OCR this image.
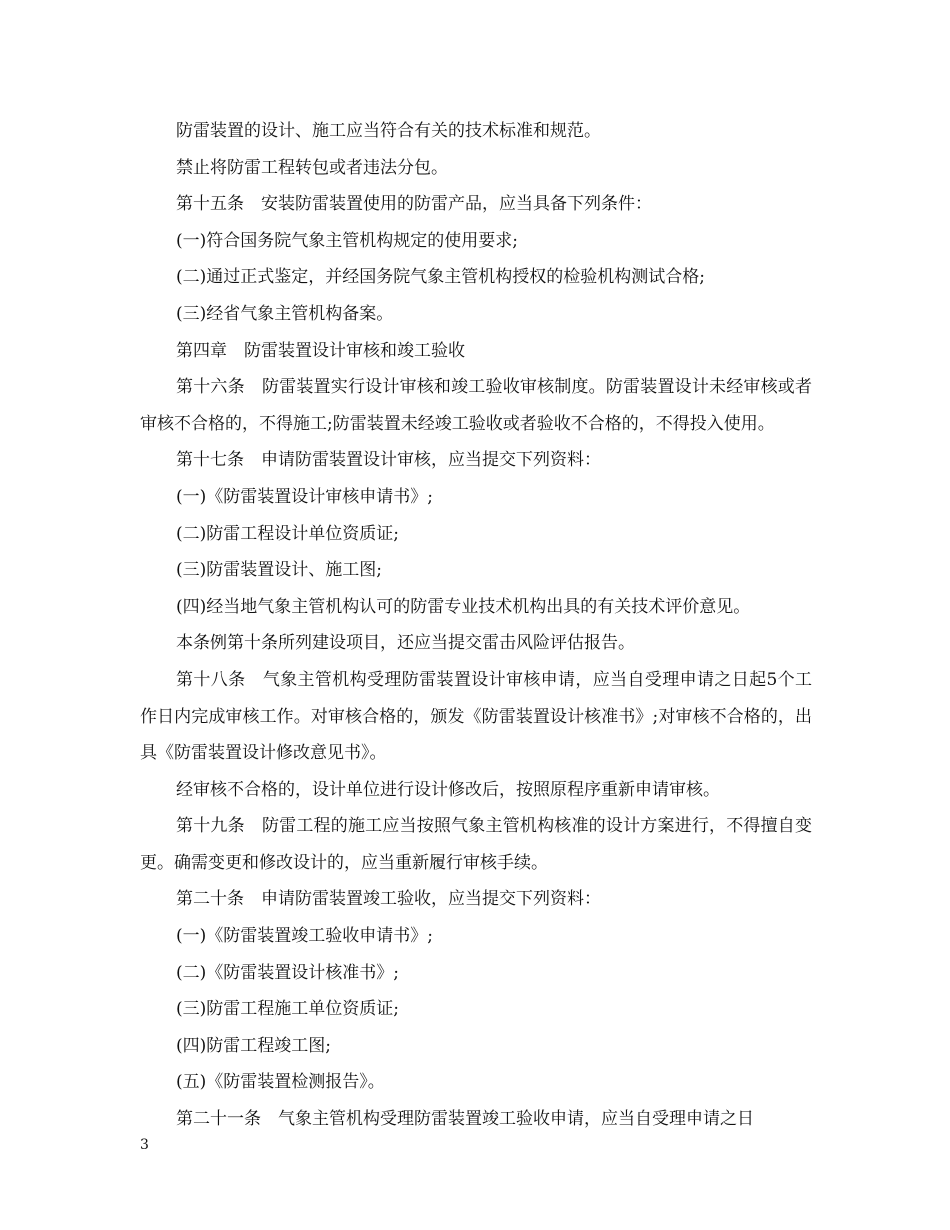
防雷装置的设计、施工应当符合有关的技术标准和规范。

禁止将防雷工程转包或者违法分包。

第十五条　安装防雷装置使用的防雷产品，应当具备下列条件：

(一)符合国务院气象主管机构规定的使用要求;

(二)通过正式鉴定，并经国务院气象主管机构授权的检验机构测试合格;

(三)经省气象主管机构备案。

第四章　防雷装置设计审核和竣工验收

第十六条　防雷装置实行设计审核和竣工验收审核制度。防雷装置设计未经审核或者审核不合格的，不得施工;防雷装置未经竣工验收或者验收不合格的，不得投入使用。

第十七条　申请防雷装置设计审核，应当提交下列资料：

(一)《防雷装置设计审核申请书》;

(二)防雷工程设计单位资质证;

(三)防雷装置设计、施工图;

(四)经当地气象主管机构认可的防雷专业技术机构出具的有关技术评价意见。

本条例第十条所列建设项目，还应当提交雷击风险评估报告。

第十八条　气象主管机构受理防雷装置设计审核申请，应当自受理申请之日起5个工作日内完成审核工作。对审核合格的，颁发《防雷装置设计核准书》;对审核不合格的，出具《防雷装置设计修改意见书》。

经审核不合格的，设计单位进行设计修改后，按照原程序重新申请审核。

第十九条　防雷工程的施工应当按照气象主管机构核准的设计方案进行，不得擅自变更。确需变更和修改设计的，应当重新履行审核手续。

第二十条　申请防雷装置竣工验收，应当提交下列资料：

(一)《防雷装置竣工验收申请书》;

(二)《防雷装置设计核准书》;

(三)防雷工程施工单位资质证;

(四)防雷工程竣工图;

(五)《防雷装置检测报告》。

第二十一条　气象主管机构受理防雷装置竣工验收申请，应当自受理申请之日

3
